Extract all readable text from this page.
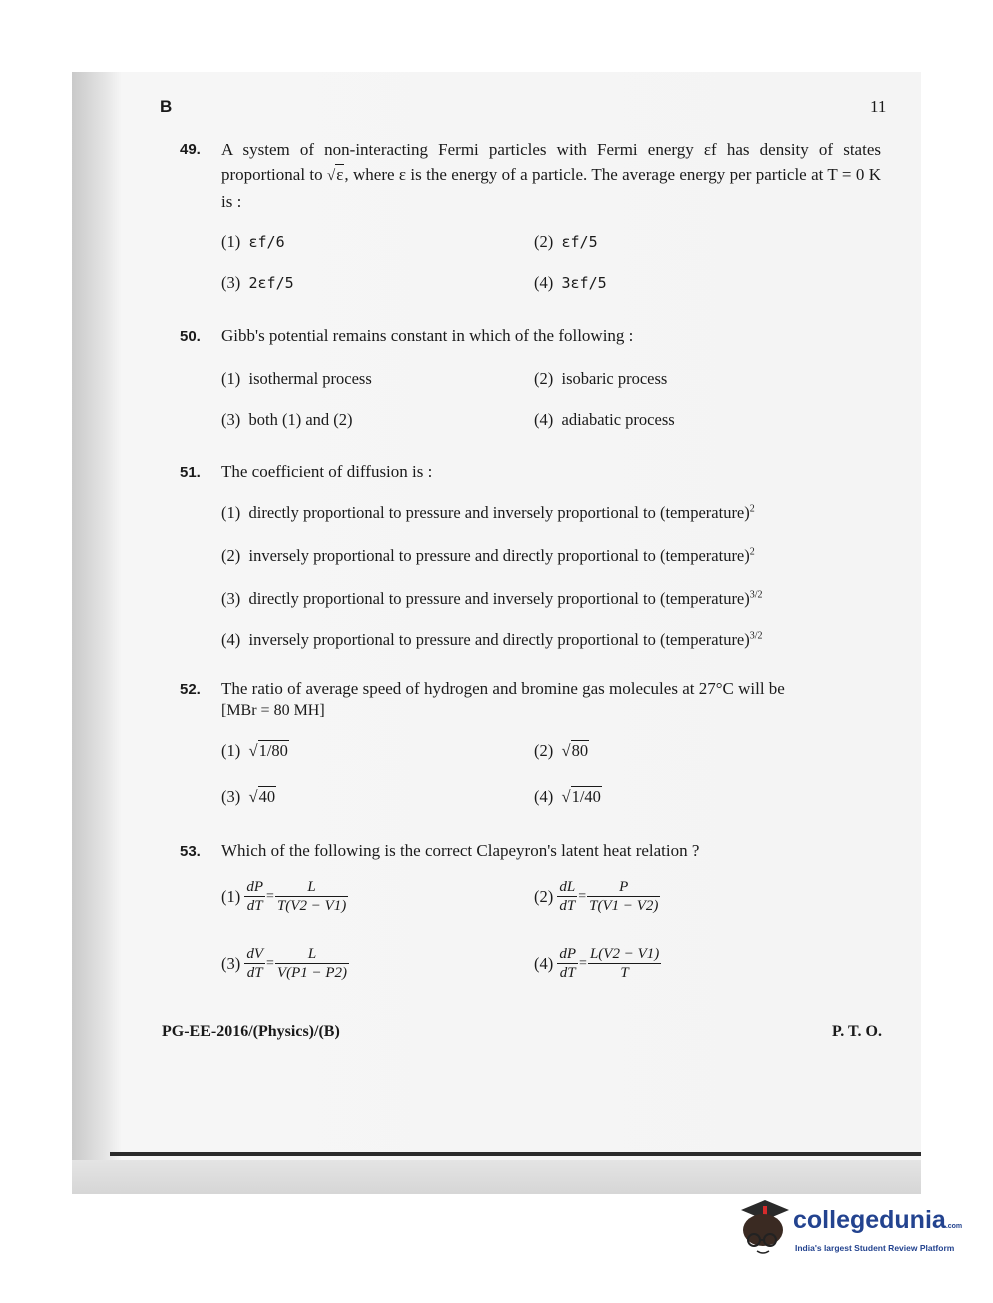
B	11
49. A system of non-interacting Fermi particles with Fermi energy εf has density of states proportional to √ε, where ε is the energy of a particle. The average energy per particle at T = 0 K is :
(1) εf/6	(2) εf/5
(3) 2εf/5	(4) 3εf/5
50. Gibb's potential remains constant in which of the following :
(1) isothermal process	(2) isobaric process
(3) both (1) and (2)	(4) adiabatic process
51. The coefficient of diffusion is :
(1) directly proportional to pressure and inversely proportional to (temperature)$^2$
(2) inversely proportional to pressure and directly proportional to (temperature)$^2$
(3) directly proportional to pressure and inversely proportional to (temperature)$^{3/2}$
(4) inversely proportional to pressure and directly proportional to (temperature)$^{3/2}$
52. The ratio of average speed of hydrogen and bromine gas molecules at 27°C will be
[MBr = 80 MH]
(1)  √1/80	(2)  √80
(3)  √40	(4)  √1/40
53. Which of the following is the correct Clapeyron's latent heat relation ?
$(1) \frac{dP}{dT} = \frac{L}{T(V2 - V1)}$	$(2) \frac{dL}{dT} = \frac{P}{T(V1 - V2)}$
$(3) \frac{dV}{dT} = \frac{L}{V(P1 - P2)}$	$(4) \frac{dP}{dT} = \frac{L(V2 - V1)}{T}$
PG-EE-2016/(Physics)/(B)	P. T. O.
collegedunia.com
India's largest Student Review Platform
